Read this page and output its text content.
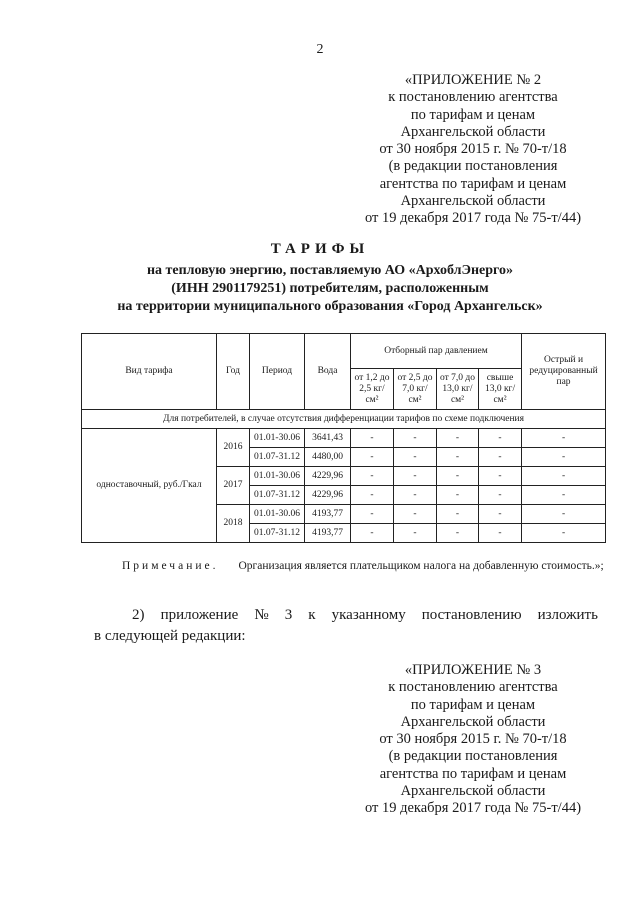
2
«ПРИЛОЖЕНИЕ № 2
к постановлению агентства
по тарифам и ценам
Архангельской области
от 30 ноября 2015 г. № 70-т/18
(в редакции постановления
агентства по тарифам и ценам
Архангельской области
от 19 декабря 2017 года № 75-т/44)
ТАРИФЫ
на тепловую энергию, поставляемую АО «АрхоблЭнерго»
(ИНН 2901179251) потребителям, расположенным
на территории муниципального образования «Город Архангельск»
Вид тарифа	Год	Период	Вода	Отборный пар давлением				Острый и редуцированный пар
				от 1,2 до 2,5 кг/см²	от 2,5 до 7,0 кг/см²	от 7,0 до 13,0 кг/см²	свыше 13,0 кг/см²	
Для потребителей, в случае отсутствия дифференциации тарифов по схеме подключения								
одноставочный, руб./Гкал	2016	01.01-30.06	3641,43	-	-	-	-	-
		01.07-31.12	4480,00	-	-	-	-	-
	2017	01.01-30.06	4229,96	-	-	-	-	-
		01.07-31.12	4229,96	-	-	-	-	-
	2018	01.01-30.06	4193,77	-	-	-	-	-
		01.07-31.12	4193,77	-	-	-	-	-
Примечание. Организация является плательщиком налога на добавленную стоимость.»;
2) приложение № 3 к указанному постановлению изложить
в следующей редакции:
«ПРИЛОЖЕНИЕ № 3
к постановлению агентства
по тарифам и ценам
Архангельской области
от 30 ноября 2015 г. № 70-т/18
(в редакции постановления
агентства по тарифам и ценам
Архангельской области
от 19 декабря 2017 года № 75-т/44)
